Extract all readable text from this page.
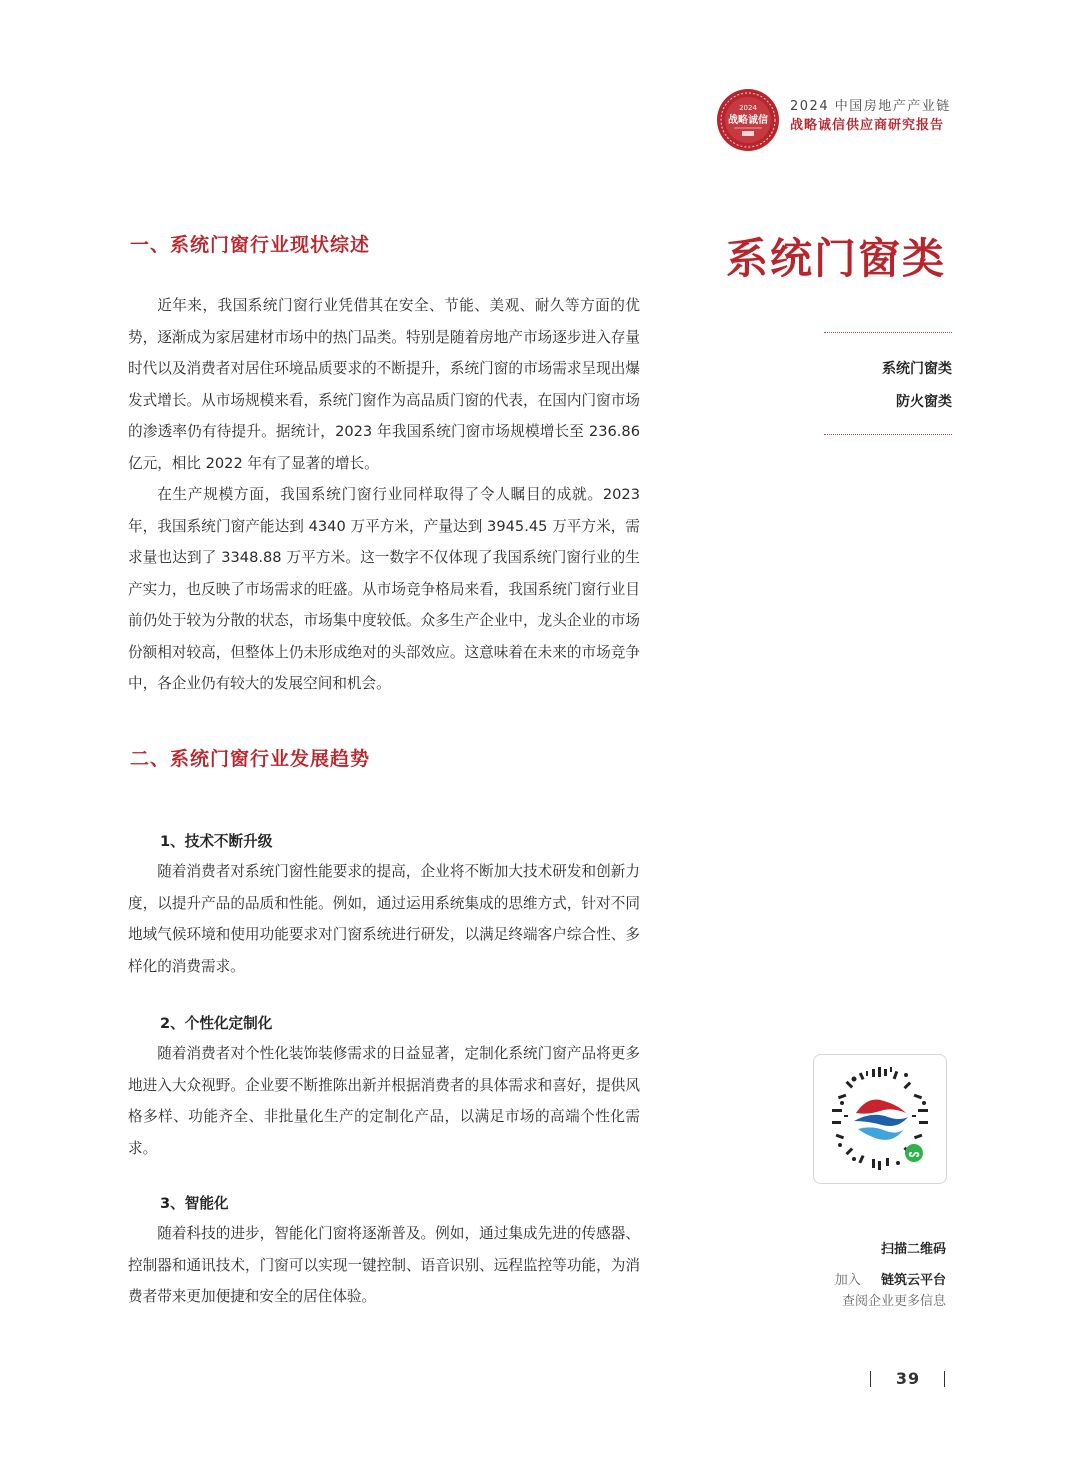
2024
战略诚信
2024 中国房地产产业链
战略诚信供应商研究报告
系统门窗类
系统门窗类
防火窗类
一、系统门窗行业现状综述

近年来，我国系统门窗行业凭借其在安全、节能、美观、耐久等方面的优势，逐渐成为家居建材市场中的热门品类。特别是随着房地产市场逐步进入存量时代以及消费者对居住环境品质要求的不断提升，系统门窗的市场需求呈现出爆发式增长。从市场规模来看，系统门窗作为高品质门窗的代表，在国内门窗市场的渗透率仍有待提升。据统计，2023 年我国系统门窗市场规模增长至 236.86 亿元，相比 2022 年有了显著的增长。

在生产规模方面，我国系统门窗行业同样取得了令人瞩目的成就。2023 年，我国系统门窗产能达到 4340 万平方米，产量达到 3945.45 万平方米，需求量也达到了 3348.88 万平方米。这一数字不仅体现了我国系统门窗行业的生产实力，也反映了市场需求的旺盛。从市场竞争格局来看，我国系统门窗行业目前仍处于较为分散的状态，市场集中度较低。众多生产企业中，龙头企业的市场份额相对较高，但整体上仍未形成绝对的头部效应。这意味着在未来的市场竞争中，各企业仍有较大的发展空间和机会。

二、系统门窗行业发展趋势
1、技术不断升级

随着消费者对系统门窗性能要求的提高，企业将不断加大技术研发和创新力度，以提升产品的品质和性能。例如，通过运用系统集成的思维方式，针对不同地域气候环境和使用功能要求对门窗系统进行研发，以满足终端客户综合性、多样化的消费需求。

2、个性化定制化

随着消费者对个性化装饰装修需求的日益显著，定制化系统门窗产品将更多地进入大众视野。企业要不断推陈出新并根据消费者的具体需求和喜好，提供风格多样、功能齐全、非批量化生产的定制化产品，以满足市场的高端个性化需求。

3、智能化

随着科技的进步，智能化门窗将逐渐普及。例如，通过集成先进的传感器、控制器和通讯技术，门窗可以实现一键控制、语音识别、远程监控等功能，为消费者带来更加便捷和安全的居住体验。

ᔕ
扫描二维码
加入 链筑云平台
查阅企业更多信息
39
